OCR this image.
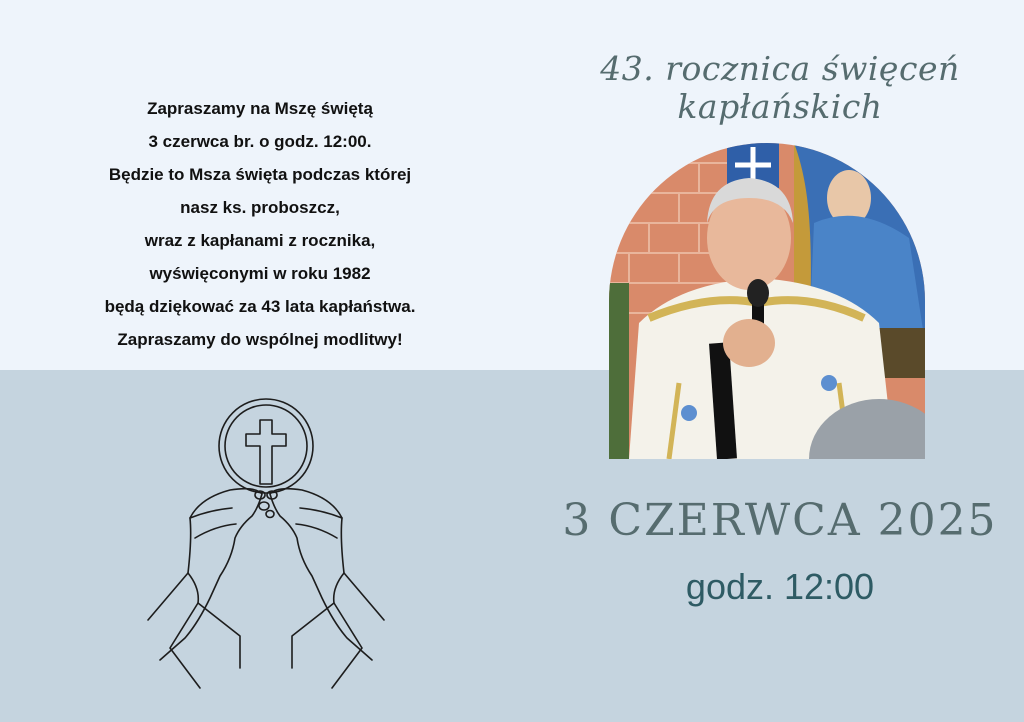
Zapraszamy na Mszę świętą
3 czerwca br. o godz. 12:00.
Będzie to Msza święta podczas której
nasz ks. proboszcz,
wraz z kapłanami z rocznika,
wyświęconymi w roku 1982
będą dziękować za 43 lata kapłaństwa.
Zapraszamy do wspólnej modlitwy!
43. rocznica święceń
kapłańskich
3 CZERWCA 2025
godz. 12:00
